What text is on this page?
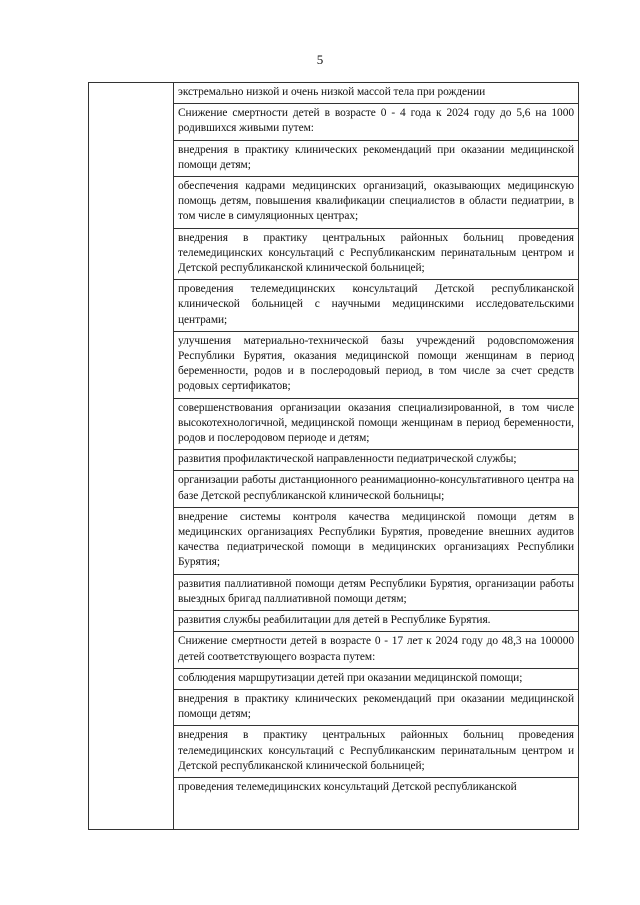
5
экстремально низкой и очень низкой массой тела при рождении
Снижение смертности детей в возрасте 0 - 4 года к 2024 году до 5,6 на 1000 родившихся живыми путем:
внедрения в практику клинических рекомендаций при оказании медицинской помощи детям;
обеспечения кадрами медицинских организаций, оказывающих медицинскую помощь детям, повышения квалификации специалистов в области педиатрии, в том числе в симуляционных центрах;
внедрения в практику центральных районных больниц проведения телемедицинских консультаций с Республиканским перинатальным центром и Детской республиканской клинической больницей;
проведения телемедицинских консультаций Детской республиканской клинической больницей с научными медицинскими исследовательскими центрами;
улучшения материально-технической базы учреждений родовспоможения Республики Бурятия, оказания медицинской помощи женщинам в период беременности, родов и в послеродовый период, в том числе за счет средств родовых сертификатов;
совершенствования организации оказания специализированной, в том числе высокотехнологичной, медицинской помощи женщинам в период беременности, родов и послеродовом периоде и детям;
развития профилактической направленности педиатрической службы;
организации работы дистанционного реанимационно-консультативного центра на базе Детской республиканской клинической больницы;
внедрение системы контроля качества медицинской помощи детям в медицинских организациях Республики Бурятия, проведение внешних аудитов качества педиатрической помощи в медицинских организациях Республики Бурятия;
развития паллиативной помощи детям Республики Бурятия, организации работы выездных бригад паллиативной помощи детям;
развития службы реабилитации для детей в Республике Бурятия.
Снижение смертности детей в возрасте 0 - 17 лет к 2024 году до 48,3 на 100000 детей соответствующего возраста путем:
соблюдения маршрутизации детей при оказании медицинской помощи;
внедрения в практику клинических рекомендаций при оказании медицинской помощи детям;
внедрения в практику центральных районных больниц проведения телемедицинских консультаций с Республиканским перинатальным центром и Детской республиканской клинической больницей;
проведения телемедицинских консультаций Детской республиканской
